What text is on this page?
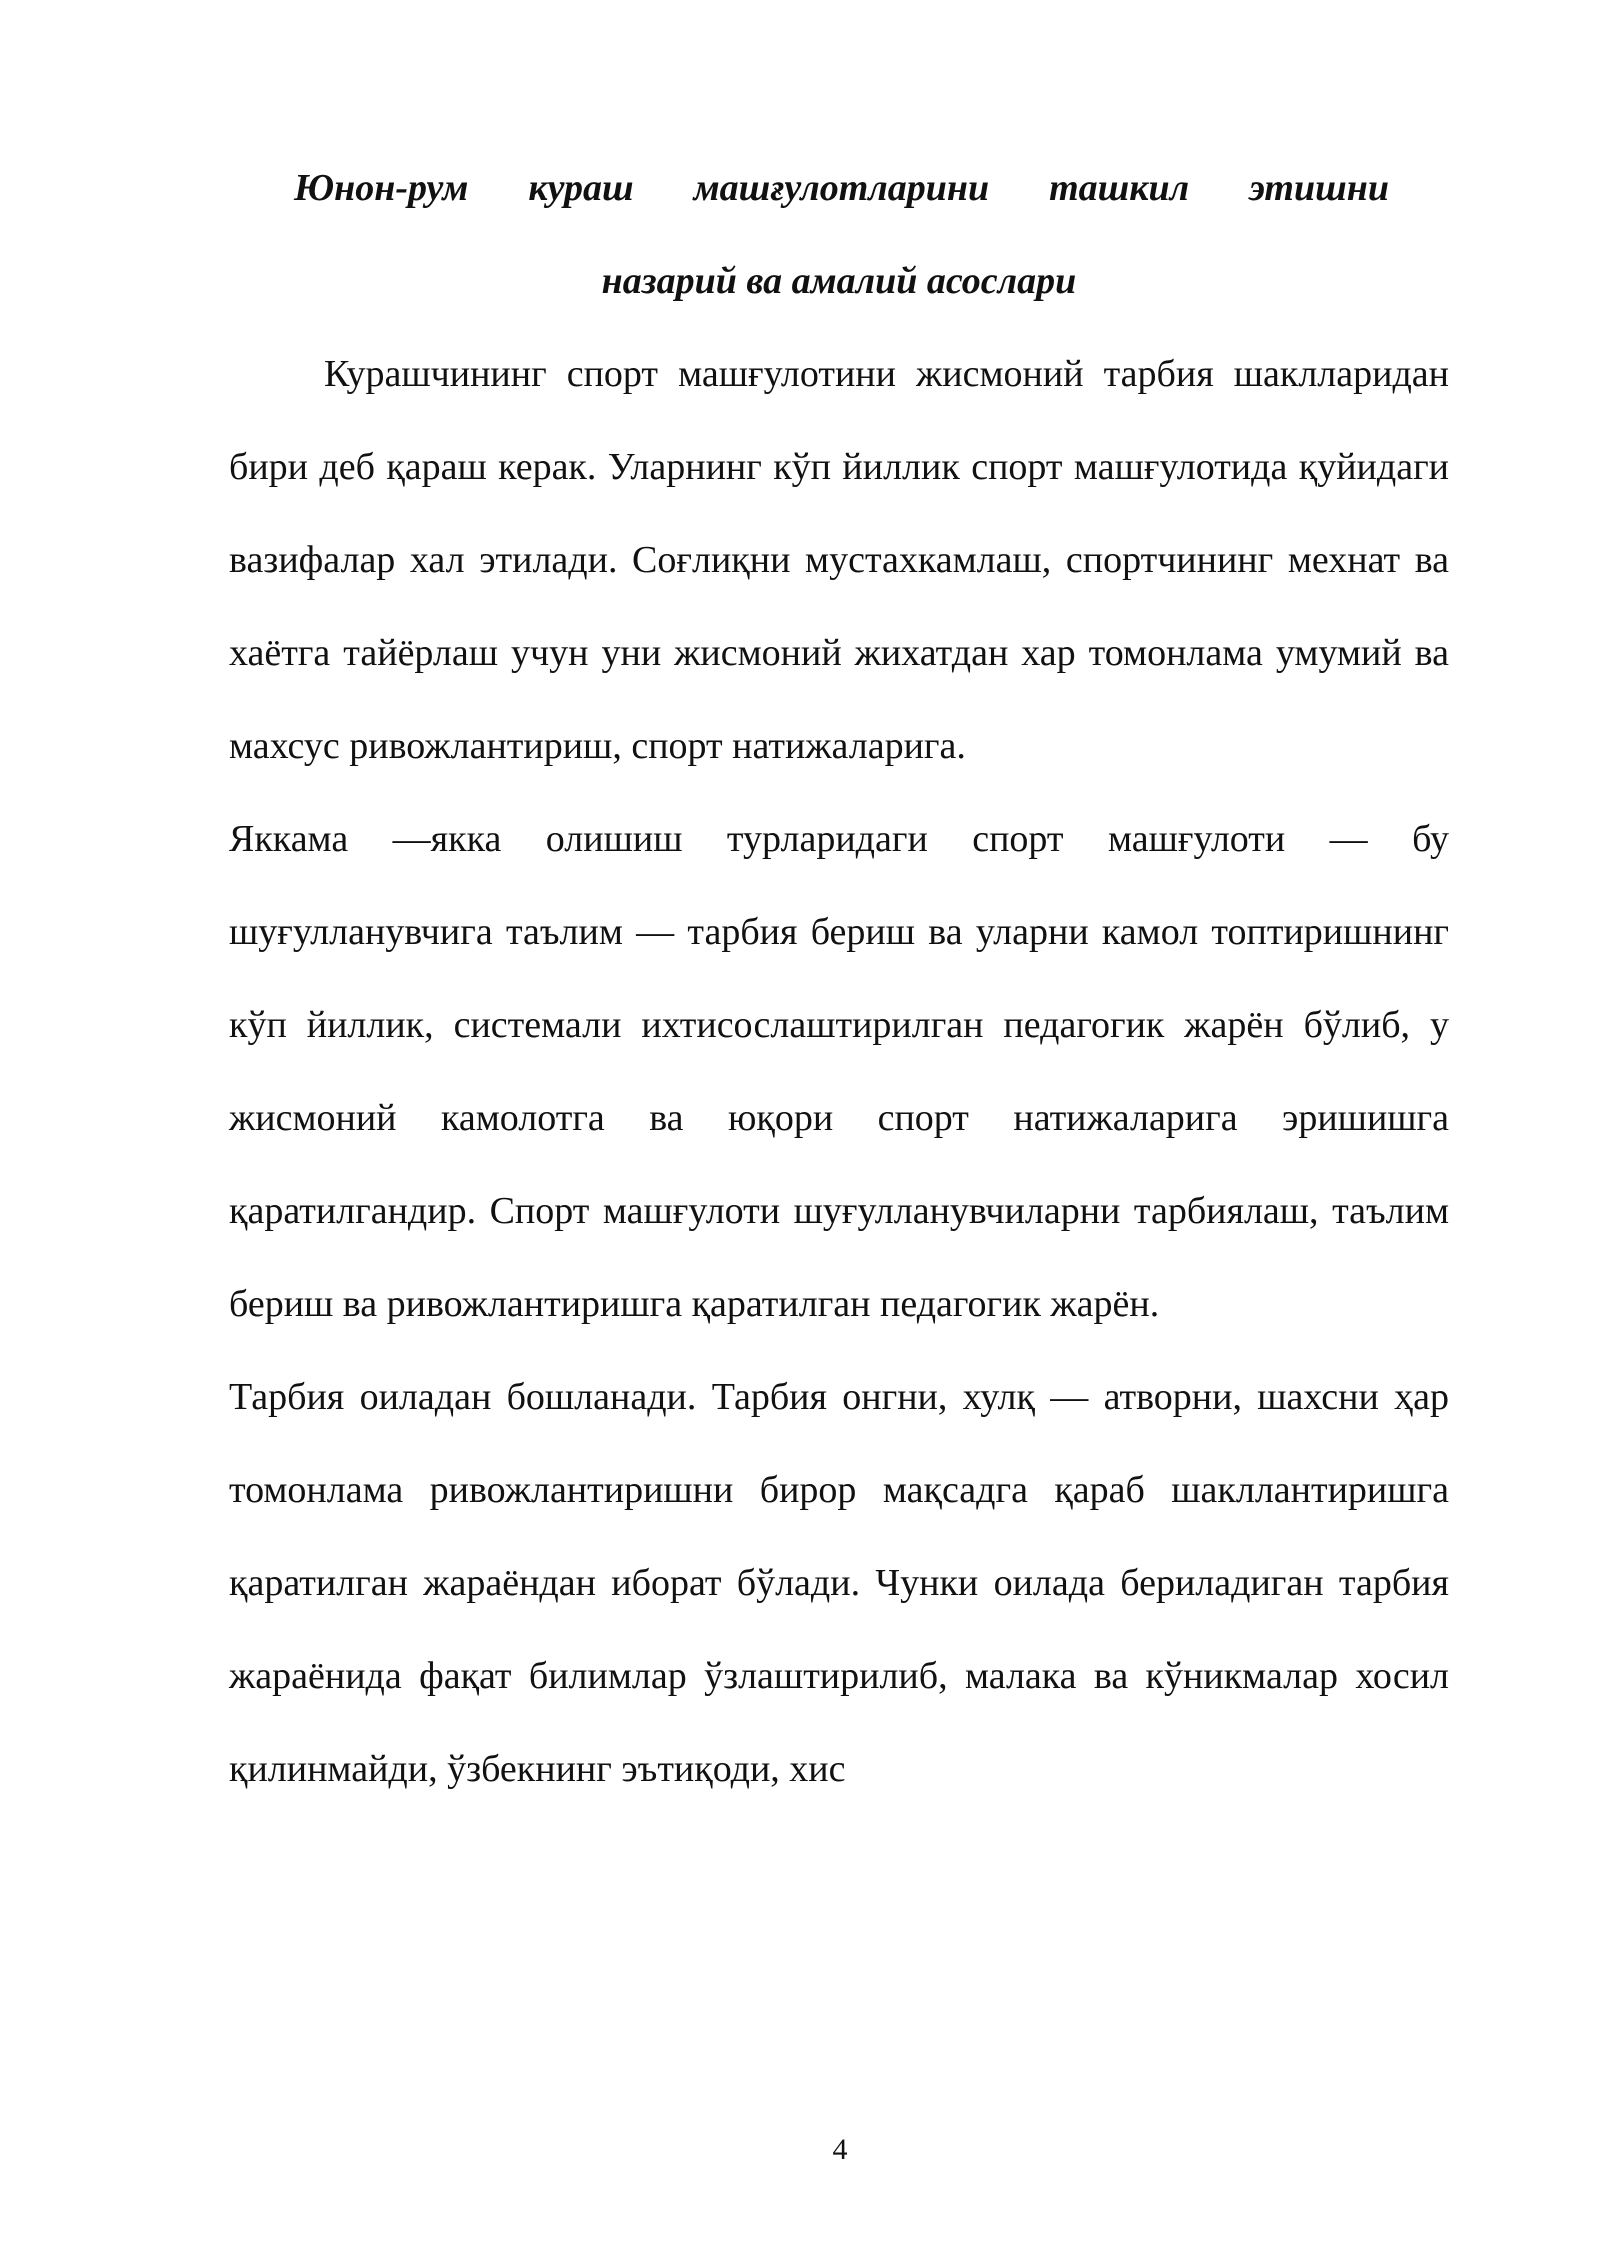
Юнон-рум кураш машғулотларини ташкил этишни

назарий ва амалий асослари

Курашчининг спорт машғулотини жисмоний тарбия шаклларидан бири деб қараш керак. Уларнинг кўп йиллик спорт машғулотида қуйидаги вазифалар хал этилади. Соғлиқни мустахкамлаш, спортчининг мехнат ва хаётга тайёрлаш учун уни жисмоний жихатдан хар томонлама умумий ва махсус ривожлантириш, спорт натижаларига.

Яккама —якка олишиш турларидаги спорт машғулоти — бу шуғулланувчига таълим — тарбия бериш ва уларни камол топтиришнинг кўп йиллик, системали ихтисослаштирилган педагогик жарён бўлиб, у жисмоний камолотга ва юқори спорт натижаларига эришишга қаратилгандир. Спорт машғулоти шуғулланувчиларни тарбиялаш, таълим бериш ва ривожлантиришга қаратилган педагогик жарён.

Тарбия оиладан бошланади. Тарбия онгни, хулқ — атворни, шахсни ҳар томонлама ривожлантиришни бирор мақсадга қараб шакллантиришга қаратилган жараёндан иборат бўлади. Чунки оилада бериладиган тарбия жараёнида фақат билимлар ўзлаштирилиб, малака ва кўникмалар хосил қилинмайди, ўзбекнинг эътиқоди, хис

4
